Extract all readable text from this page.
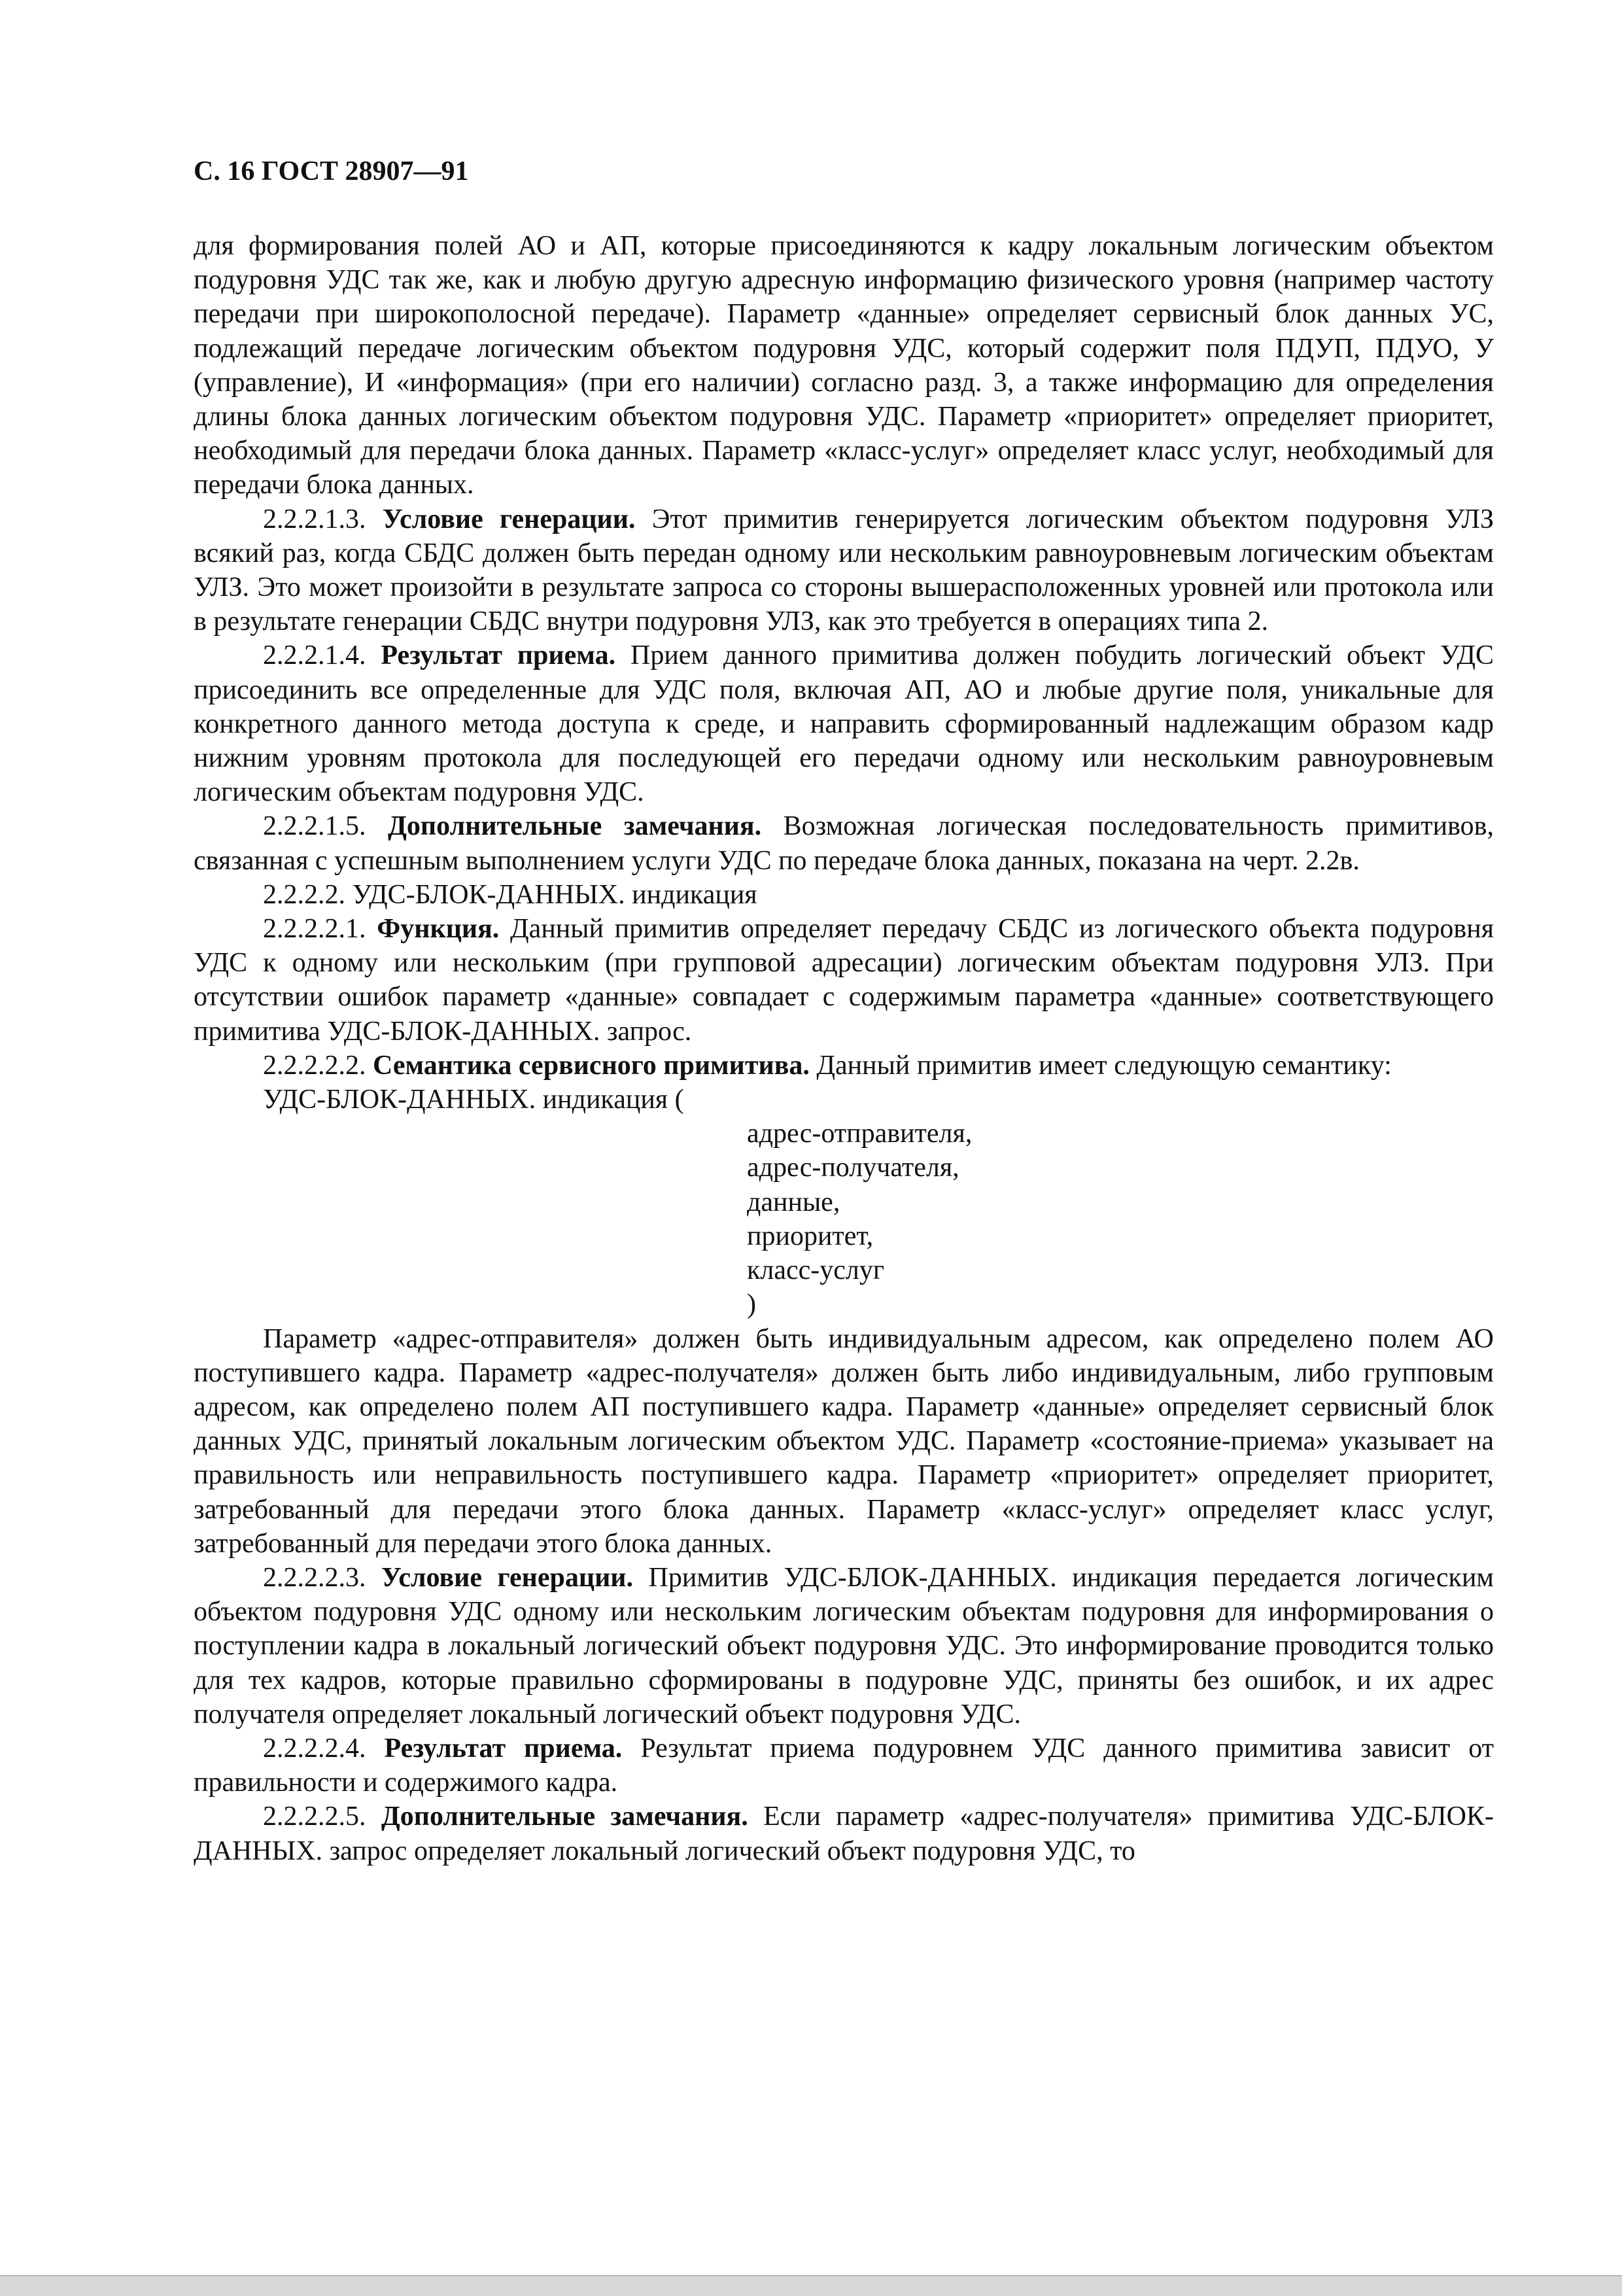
С. 16 ГОСТ 28907—91

для формирования полей АО и АП, которые присоединяются к кадру локальным логическим объектом подуровня УДС так же, как и любую другую адресную информацию физического уровня (например частоту передачи при широкополосной передаче). Параметр «данные» определяет сервисный блок данных УС, подлежащий передаче логическим объектом подуровня УДС, который содержит поля ПДУП, ПДУО, У (управление), И «информация» (при его наличии) согласно разд. 3, а также информацию для определения длины блока данных логическим объектом подуровня УДС. Параметр «приоритет» определяет приоритет, необходимый для передачи блока данных. Параметр «класс-услуг» определяет класс услуг, необходимый для передачи блока данных.

2.2.2.1.3. Условие генерации. Этот примитив генерируется логическим объектом подуровня УЛЗ всякий раз, когда СБДС должен быть передан одному или нескольким равноуровневым логическим объектам УЛЗ. Это может произойти в результате запроса со стороны вышерасположенных уровней или протокола или в результате генерации СБДС внутри подуровня УЛЗ, как это требуется в операциях типа 2.

2.2.2.1.4. Результат приема. Прием данного примитива должен побудить логический объект УДС присоединить все определенные для УДС поля, включая АП, АО и любые другие поля, уникальные для конкретного данного метода доступа к среде, и направить сформированный надлежащим образом кадр нижним уровням протокола для последующей его передачи одному или нескольким равноуровневым логическим объектам подуровня УДС.

2.2.2.1.5. Дополнительные замечания. Возможная логическая последовательность примитивов, связанная с успешным выполнением услуги УДС по передаче блока данных, показана на черт. 2.2в.

2.2.2.2. УДС-БЛОК-ДАННЫХ. индикация

2.2.2.2.1. Функция. Данный примитив определяет передачу СБДС из логического объекта подуровня УДС к одному или нескольким (при групповой адресации) логическим объектам подуровня УЛЗ. При отсутствии ошибок параметр «данные» совпадает с содержимым параметра «данные» соответствующего примитива УДС-БЛОК-ДАННЫХ. запрос.

2.2.2.2.2. Семантика сервисного примитива. Данный примитив имеет следующую семантику:

УДС-БЛОК-ДАННЫХ. индикация (

адрес-отправителя,
адрес-получателя,
данные,
приоритет,
класс-услуг
)

Параметр «адрес-отправителя» должен быть индивидуальным адресом, как определено полем АО поступившего кадра. Параметр «адрес-получателя» должен быть либо индивидуальным, либо групповым адресом, как определено полем АП поступившего кадра. Параметр «данные» определяет сервисный блок данных УДС, принятый локальным логическим объектом УДС. Параметр «состояние-приема» указывает на правильность или неправильность поступившего кадра. Параметр «приоритет» определяет приоритет, затребованный для передачи этого блока данных. Параметр «класс-услуг» определяет класс услуг, затребованный для передачи этого блока данных.

2.2.2.2.3. Условие генерации. Примитив УДС-БЛОК-ДАННЫХ. индикация передается логическим объектом подуровня УДС одному или нескольким логическим объектам подуровня для информирования о поступлении кадра в локальный логический объект подуровня УДС. Это информирование проводится только для тех кадров, которые правильно сформированы в подуровне УДС, приняты без ошибок, и их адрес получателя определяет локальный логический объект подуровня УДС.

2.2.2.2.4. Результат приема. Результат приема подуровнем УДС данного примитива зависит от правильности и содержимого кадра.

2.2.2.2.5. Дополнительные замечания. Если параметр «адрес-получателя» примитива УДС-БЛОК-ДАННЫХ. запрос определяет локальный логический объект подуровня УДС, то
